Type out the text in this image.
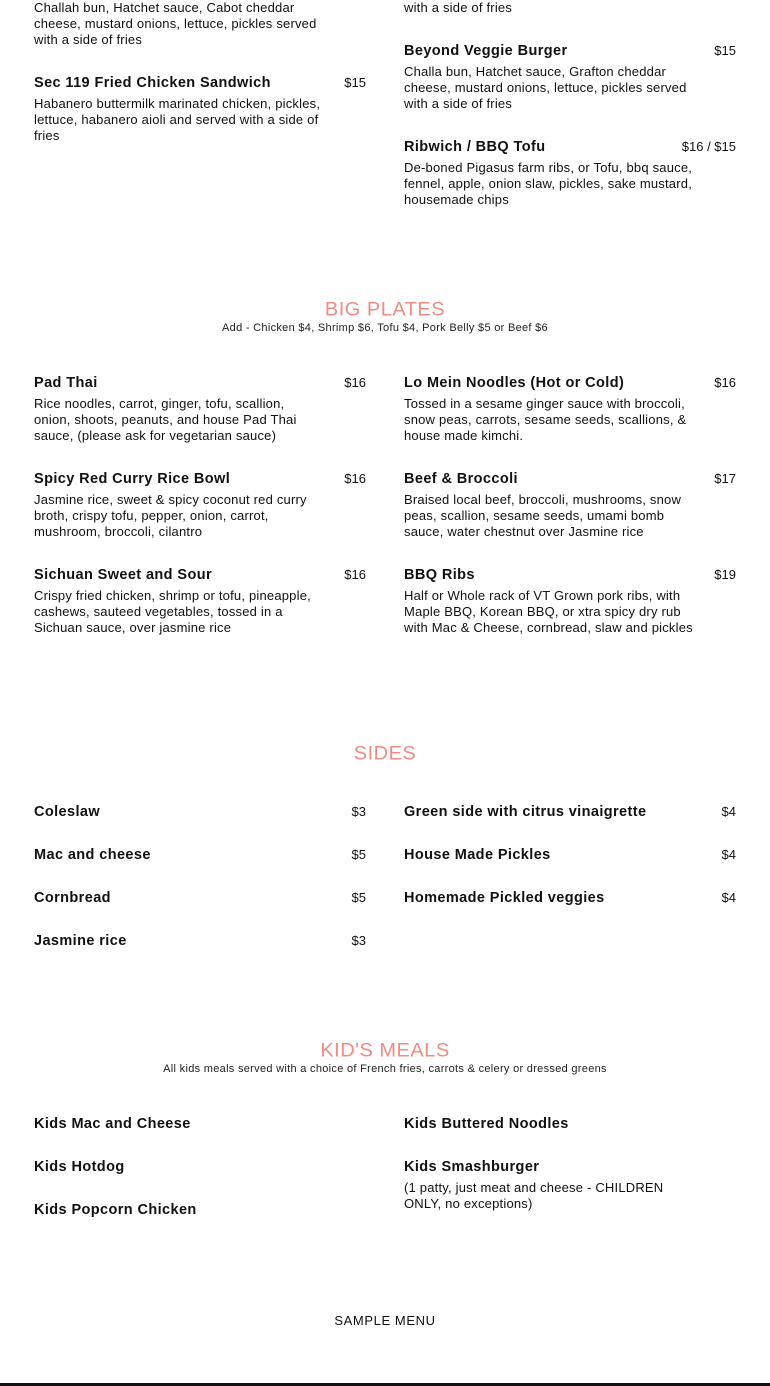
Challah bun, Hatchet sauce, Cabot cheddar cheese, mustard onions, lettuce, pickles served with a side of fries
Sec 119 Fried Chicken Sandwich	$15
Habanero buttermilk marinated chicken, pickles, lettuce, habanero aioli and served with a side of fries
with a side of fries
Beyond Veggie Burger	$15
Challa bun, Hatchet sauce, Grafton cheddar cheese, mustard onions, lettuce, pickles served with a side of fries
Ribwich / BBQ Tofu	$16 / $15
De-boned Pigasus farm ribs, or Tofu, bbq sauce, fennel, apple, onion slaw, pickles, sake mustard, housemade chips
BIG PLATES
Add - Chicken $4, Shrimp $6, Tofu $4, Pork Belly $5 or Beef $6
Pad Thai	$16
Rice noodles, carrot, ginger, tofu, scallion, onion, shoots, peanuts, and house Pad Thai sauce, (please ask for vegetarian sauce)
Spicy Red Curry Rice Bowl	$16
Jasmine rice, sweet & spicy coconut red curry broth, crispy tofu, pepper, onion, carrot, mushroom, broccoli, cilantro
Sichuan Sweet and Sour	$16
Crispy fried chicken, shrimp or tofu, pineapple, cashews, sauteed vegetables, tossed in a Sichuan sauce, over jasmine rice
Lo Mein Noodles (Hot or Cold)	$16
Tossed in a sesame ginger sauce with broccoli, snow peas, carrots, sesame seeds, scallions, & house made kimchi.
Beef & Broccoli	$17
Braised local beef, broccoli, mushrooms, snow peas, scallion, sesame seeds, umami bomb sauce, water chestnut over Jasmine rice
BBQ Ribs	$19
Half or Whole rack of VT Grown pork ribs, with Maple BBQ, Korean BBQ, or xtra spicy dry rub with Mac & Cheese, cornbread, slaw and pickles
SIDES
Coleslaw	$3
Mac and cheese	$5
Cornbread	$5
Jasmine rice	$3
Green side with citrus vinaigrette	$4
House Made Pickles	$4
Homemade Pickled veggies	$4
KID'S MEALS
All kids meals served with a choice of French fries, carrots & celery or dressed greens
Kids Mac and Cheese
Kids Hotdog
Kids Popcorn Chicken
Kids Buttered Noodles
Kids Smashburger
(1 patty, just meat and cheese - CHILDREN ONLY, no exceptions)
SAMPLE MENU
